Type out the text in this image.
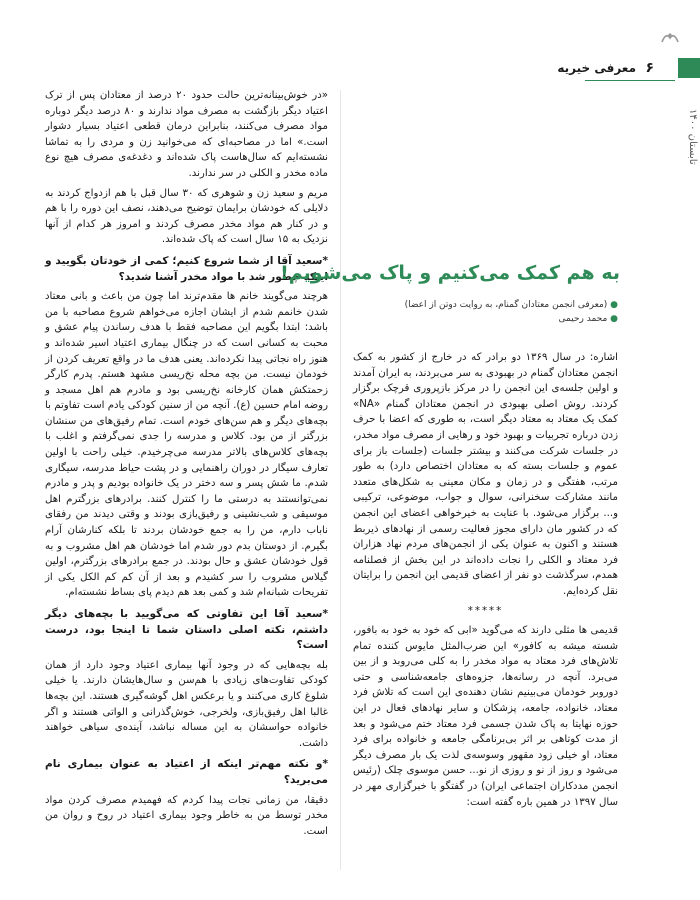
۶
معرفی خیریه
تابستان ۱۴۰۰

«در خوش‌بینانه‌ترین حالت حدود ۲۰ درصد از معتادان پس از ترک اعتیاد دیگر بازگشت به مصرف مواد ندارند و ۸۰ درصد دیگر دوباره مواد مصرف می‌کنند، بنابراین درمان قطعی اعتیاد بسیار دشوار است.» اما در مصاحبه‌ای که می‌خوانید زن و مردی را به تماشا نشسته‌ایم که سال‌هاست پاک شده‌اند و دغدغه‌ی مصرف هیچ نوع ماده مخدر و الکلی در سر ندارند.

مریم و سعید زن و شوهری که ۳۰ سال قبل با هم ازدواج کردند به دلایلی که خودشان برایمان توضیح می‌دهند، نصف این دوره را با هم و در کنار هم مواد مخدر مصرف کردند و امروز هر کدام از آنها نزدیک به ۱۵ سال است که پاک شده‌اند.

*سعید آقا از شما شروع کنیم؛ کمی از خودتان بگویید و اینکه چطور شد با مواد مخدر آشنا شدید؟

هرچند می‌گویند خانم ها مقدم‌ترند اما چون من باعث و بانی معتاد شدن خانمم شدم از ایشان اجازه می‌خواهم شروع مصاحبه با من باشد: ابتدا بگویم این مصاحبه فقط با هدف رساندن پیام عشق و محبت به کسانی است که در چنگال بیماری اعتیاد اسیر شده‌اند و هنوز راه نجاتی پیدا نکرده‌اند. یعنی هدف ما در واقع تعریف کردن از خودمان نیست. من بچه محله نخ‌ریسی مشهد هستم. پدرم کارگر زحمتکش همان کارخانه نخ‌ریسی بود و مادرم هم اهل مسجد و روضه امام حسین (ع). آنچه من از سنین کودکی یادم است تفاوتم با بچه‌های دیگر و هم سن‌های خودم است. تمام رفیق‌های من سنشان بزرگتر از من بود. کلاس و مدرسه را جدی نمی‌گرفتم و اغلب با بچه‌های کلاس‌های بالاتر مدرسه می‌چرخیدم. خیلی راحت با اولین تعارف سیگار در دوران راهنمایی و در پشت حیاط مدرسه، سیگاری شدم. ما شش پسر و سه دختر در یک خانواده بودیم و پدر و مادرم نمی‌توانستند به درستی ما را کنترل کنند. برادرهای بزرگترم اهل موسیقی و شب‌نشینی و رفیق‌بازی بودند و وقتی دیدند من رفقای ناباب دارم، من را به جمع خودشان بردند تا بلکه کنارشان آرام بگیرم. از دوستان بدم دور شدم اما خودشان هم اهل مشروب و به قول خودشان عشق و حال بودند. در جمع برادرهای بزرگترم، اولین گیلاس مشروب را سر کشیدم و بعد از آن کم کم الکل یکی از تفریحات شبانه‌ام شد و کمی بعد هم دیدم پای بساط نشسته‌ام.

*سعید آقا این تفاوتی که می‌گویید با بچه‌های دیگر داشتم، نکته اصلی داستان شما تا اینجا بود، درست است؟

بله بچه‌هایی که در وجود آنها بیماری اعتیاد وجود دارد از همان کودکی تفاوت‌های زیادی با هم‌سن و سال‌هایشان دارند. یا خیلی شلوغ کاری می‌کنند و یا برعکس اهل گوشه‌گیری هستند. این بچه‌ها غالبا اهل رفیق‌بازی، ولخرجی، خوش‌گذرانی و الواتی هستند و اگر خانواده حواسشان به این مساله نباشد، آینده‌ی سیاهی خواهند داشت.

*و نکته مهم‌تر اینکه از اعتیاد به عنوان بیماری نام می‌برید؟

دقیقا، من زمانی نجات پیدا کردم که فهمیدم مصرف کردن مواد مخدر توسط من به خاطر وجود بیماری اعتیاد در روح و روان من است.

به هم کمک می‌کنیم و پاک می‌شویم!
● (معرفی انجمن معتادان گمنام، به روایت دوتن از اعضا)
● محمد رحیمی

اشاره: در سال ۱۳۶۹ دو برادر که در خارج از کشور به کمک انجمن معتادان گمنام در بهبودی به سر می‌بردند، به ایران آمدند و اولین جلسه‌ی این انجمن را در مرکز بازپروری قرچک برگزار کردند. روش اصلی بهبودی در انجمن معتادان گمنام «NA» کمک یک معتاد به معتاد دیگر است، به طوری که اعضا با حرف زدن درباره تجربیات و بهبود خود و رهایی از مصرف مواد مخدر، در جلسات شرکت می‌کنند و بیشتر جلسات (جلسات باز برای عموم و جلسات بسته که به معتادان اختصاص دارد) به طور مرتب، هفتگی و در زمان و مکان معینی به شکل‌های متعدد مانند مشارکت سخنرانی، سوال و جواب، موضوعی، ترکیبی و... برگزار می‌شود. با عنایت به خیرخواهی اعضای این انجمن که در کشور مان دارای مجوز فعالیت رسمی از نهادهای ذیربط هستند و اکنون به عنوان یکی از انجمن‌های مردم نهاد هزاران فرد معتاد و الکلی را نجات داده‌اند در این بخش از فصلنامه همدم، سرگذشت دو نفر از اعضای قدیمی این انجمن را برایتان نقل کرده‌ایم.

*****

قدیمی ها مثلی دارند که می‌گوید «ابی که خود به خود به بافور، شسته میشه به کافور» این ضرب‌المثل مایوس کننده تمام تلاش‌های فرد معتاد به مواد مخدر را به کلی می‌روبد و از بین می‌برد. آنچه در رسانه‌ها، جزوه‌های جامعه‌شناسی و حتی دوروبر خودمان می‌بینیم نشان دهنده‌ی این است که تلاش فرد معتاد، خانواده، جامعه، پزشکان و سایر نهادهای فعال در این حوزه نهایتا به پاک شدن جسمی فرد معتاد ختم می‌شود و بعد از مدت کوتاهی بر اثر بی‌برنامگی جامعه و خانواده برای فرد معتاد، او خیلی زود مقهور وسوسه‌ی لذت یک بار مصرف دیگر می‌شود و روز از نو و روزی از نو... حسن موسوی چلک (رئیس انجمن مددکاران اجتماعی ایران) در گفتگو با خبرگزاری مهر در سال ۱۳۹۷ در همین باره گفته است:
